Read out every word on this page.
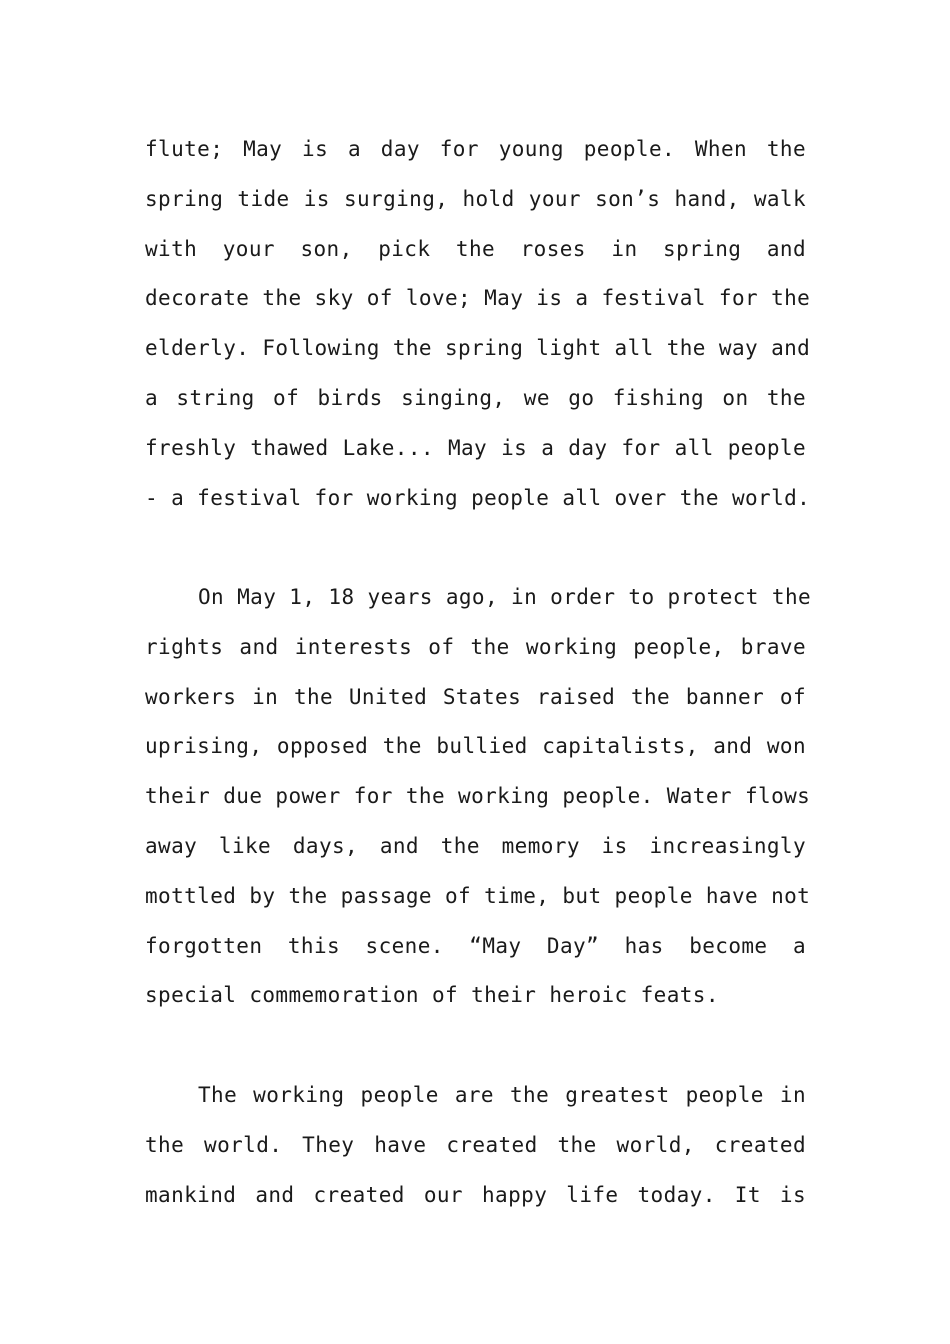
flute; May is a day for young people. When the
spring tide is surging, hold your son’s hand, walk
with your son, pick the roses in spring and
decorate the sky of love; May is a festival for the
elderly. Following the spring light all the way and
a string of birds singing, we go fishing on the
freshly thawed Lake... May is a day for all people
- a festival for working people all over the world.
On May 1, 18 years ago, in order to protect the
rights and interests of the working people, brave
workers in the United States raised the banner of
uprising, opposed the bullied capitalists, and won
their due power for the working people. Water flows
away like days, and the memory is increasingly
mottled by the passage of time, but people have not
forgotten this scene. “May Day” has become a
special commemoration of their heroic feats.
The working people are the greatest people in
the world. They have created the world, created
mankind and created our happy life today. It is
